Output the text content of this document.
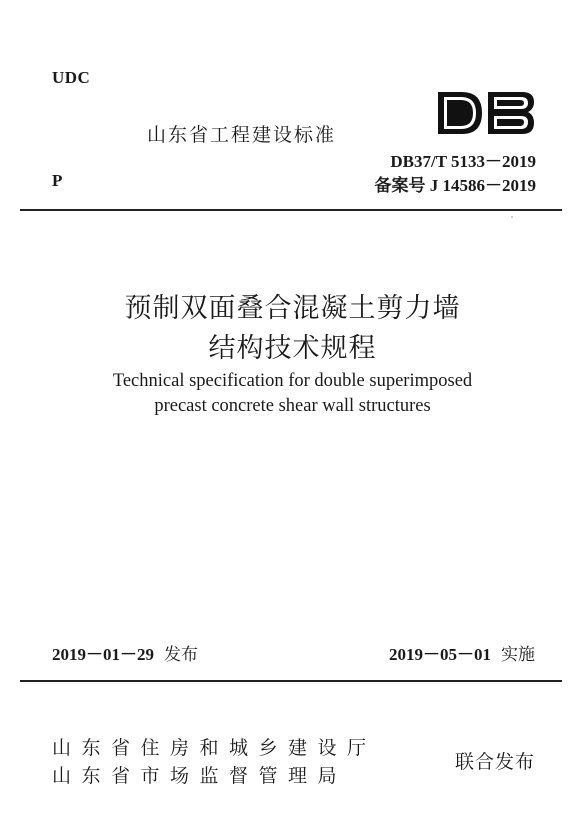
UDC
P
山东省工程建设标准
DB37/T 5133－2019
备案号 J 14586－2019
预制双面叠合混凝土剪力墙
结构技术规程
Technical specification for double superimposed
precast concrete shear wall structures
2019－01－29 发布	2019－05－01 实施
山东省住房和城乡建设厅
山东省市场监督管理局
联合发布
